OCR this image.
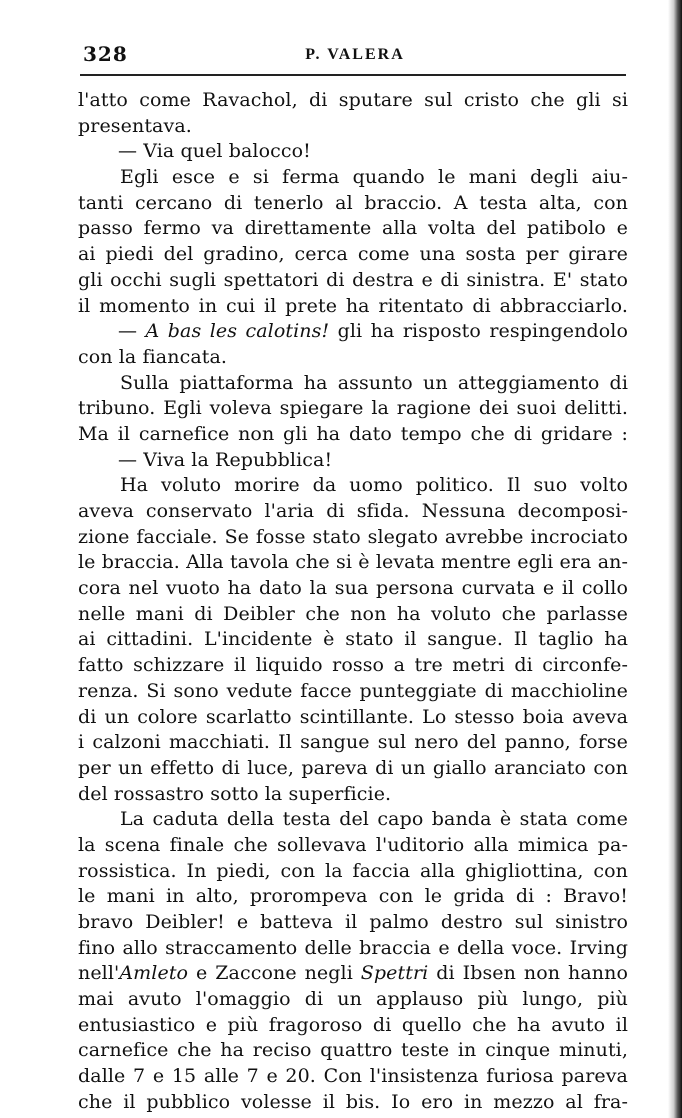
328	P. VALERA
l'atto come Ravachol, di sputare sul cristo che gli si
presentava.
— Via quel balocco!
Egli esce e si ferma quando le mani degli aiu-
tanti cercano di tenerlo al braccio. A testa alta, con
passo fermo va direttamente alla volta del patibolo e
ai piedi del gradino, cerca come una sosta per girare
gli occhi sugli spettatori di destra e di sinistra. E' stato
il momento in cui il prete ha ritentato di abbracciarlo.
— A bas les calotins! gli ha risposto respingendolo
con la fiancata.
Sulla piattaforma ha assunto un atteggiamento di
tribuno. Egli voleva spiegare la ragione dei suoi delitti.
Ma il carnefice non gli ha dato tempo che di gridare :
— Viva la Repubblica!
Ha voluto morire da uomo politico. Il suo volto
aveva conservato l'aria di sfida. Nessuna decomposi-
zione facciale. Se fosse stato slegato avrebbe incrociato
le braccia. Alla tavola che si è levata mentre egli era an-
cora nel vuoto ha dato la sua persona curvata e il collo
nelle mani di Deibler che non ha voluto che parlasse
ai cittadini. L'incidente è stato il sangue. Il taglio ha
fatto schizzare il liquido rosso a tre metri di circonfe-
renza. Si sono vedute facce punteggiate di macchioline
di un colore scarlatto scintillante. Lo stesso boia aveva
i calzoni macchiati. Il sangue sul nero del panno, forse
per un effetto di luce, pareva di un giallo aranciato con
del rossastro sotto la superficie.
La caduta della testa del capo banda è stata come
la scena finale che sollevava l'uditorio alla mimica pa-
rossistica. In piedi, con la faccia alla ghigliottina, con
le mani in alto, prorompeva con le grida di : Bravo!
bravo Deibler! e batteva il palmo destro sul sinistro
fino allo straccamento delle braccia e della voce. Irving
nell'Amleto e Zaccone negli Spettri di Ibsen non hanno
mai avuto l'omaggio di un applauso più lungo, più
entusiastico e più fragoroso di quello che ha avuto il
carnefice che ha reciso quattro teste in cinque minuti,
dalle 7 e 15 alle 7 e 20. Con l'insistenza furiosa pareva
che il pubblico volesse il bis. Io ero in mezzo al fra-
